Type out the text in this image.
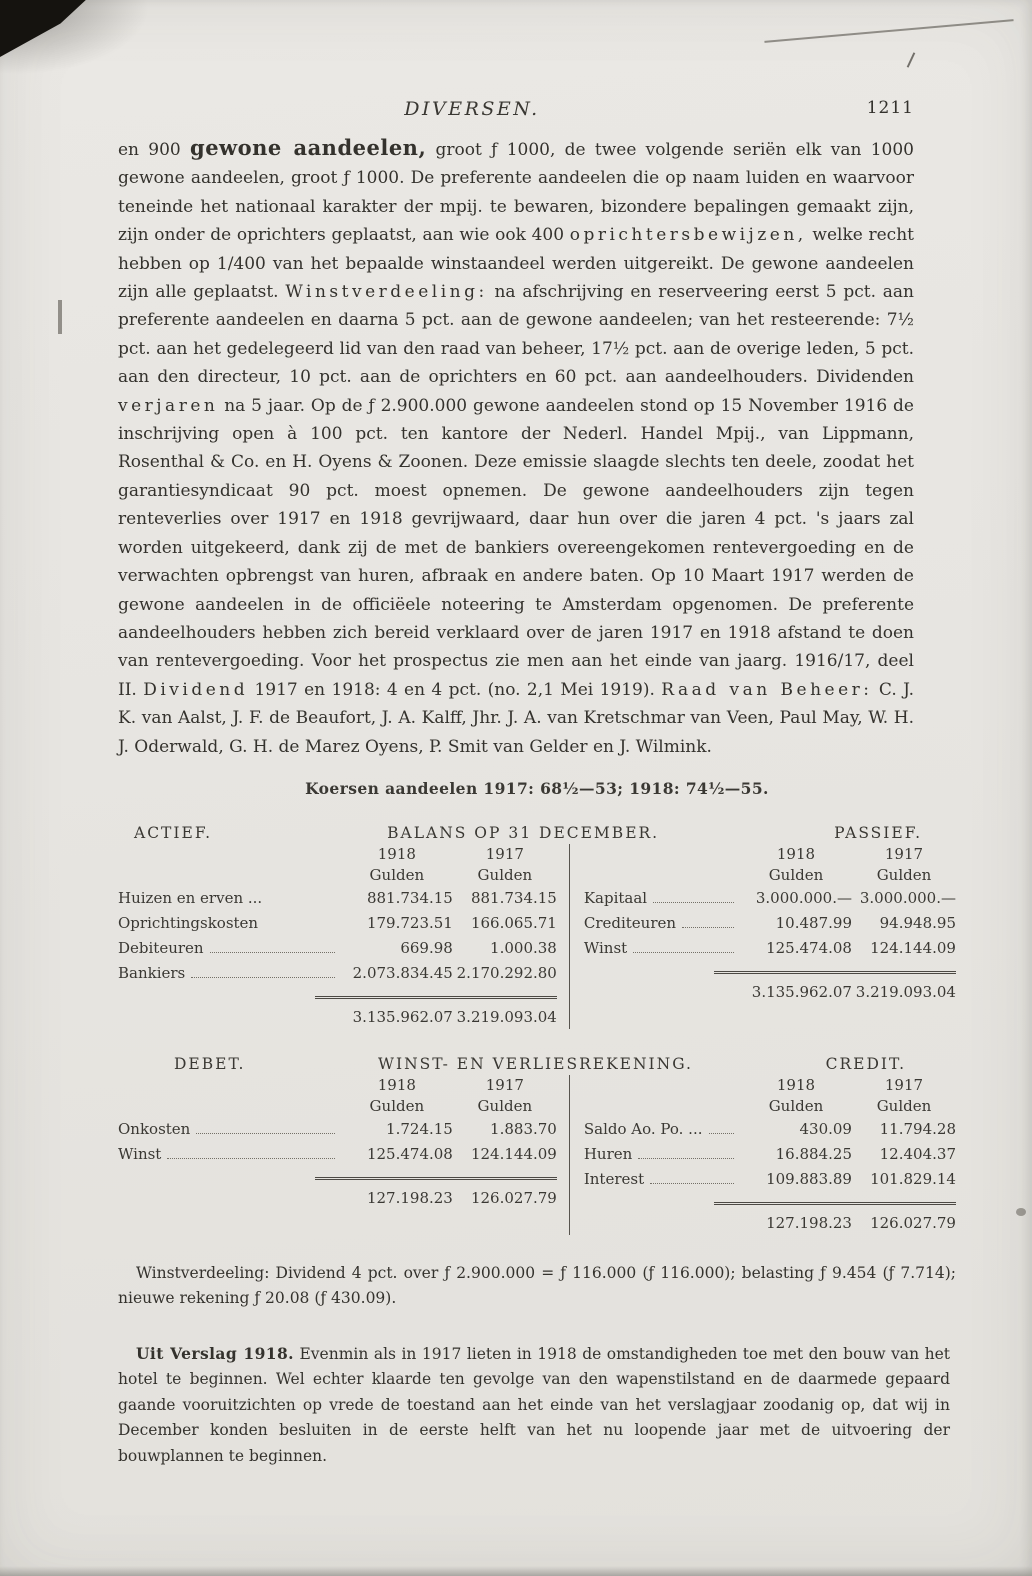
DIVERSEN.	1211

en 900 gewone aandeelen, groot ƒ 1000, de twee volgende seriën elk van 1000 gewone aandeelen, groot ƒ 1000. De preferente aandeelen die op naam luiden en waarvoor teneinde het nationaal karakter der mpij. te bewaren, bizondere bepalingen gemaakt zijn, zijn onder de oprichters geplaatst, aan wie ook 400 oprichtersbewijzen, welke recht hebben op 1/400 van het bepaalde winstaandeel werden uitgereikt. De gewone aandeelen zijn alle geplaatst. Winstverdeeling: na afschrijving en reserveering eerst 5 pct. aan preferente aandeelen en daarna 5 pct. aan de gewone aandeelen; van het resteerende: 7½ pct. aan het gedelegeerd lid van den raad van beheer, 17½ pct. aan de overige leden, 5 pct. aan den directeur, 10 pct. aan de oprichters en 60 pct. aan aandeelhouders. Dividenden verjaren na 5 jaar. Op de ƒ 2.900.000 gewone aandeelen stond op 15 November 1916 de inschrijving open à 100 pct. ten kantore der Nederl. Handel Mpij., van Lippmann, Rosenthal & Co. en H. Oyens & Zoonen. Deze emissie slaagde slechts ten deele, zoodat het garantiesyndicaat 90 pct. moest opnemen. De gewone aandeelhouders zijn tegen renteverlies over 1917 en 1918 gevrijwaard, daar hun over die jaren 4 pct. 's jaars zal worden uitgekeerd, dank zij de met de bankiers overeengekomen rentevergoeding en de verwachten opbrengst van huren, afbraak en andere baten. Op 10 Maart 1917 werden de gewone aandeelen in de officiëele noteering te Amsterdam opgenomen. De preferente aandeelhouders hebben zich bereid verklaard over de jaren 1917 en 1918 afstand te doen van rentevergoeding. Voor het prospectus zie men aan het einde van jaarg. 1916/17, deel II. Dividend 1917 en 1918: 4 en 4 pct. (no. 2,1 Mei 1919). Raad van Beheer: C. J. K. van Aalst, J. F. de Beaufort, J. A. Kalff, Jhr. J. A. van Kretschmar van Veen, Paul May, W. H. J. Oderwald, G. H. de Marez Oyens, P. Smit van Gelder en J. Wilmink.

Koersen aandeelen 1917: 68½—53; 1918: 74½—55.
ACTIEF.	BALANS OP 31 DECEMBER.	PASSIEF.
1918	1917
Gulden	Gulden
Huizen en erven ...	881.734.15	881.734.15
Oprichtingskosten	179.723.51	166.065.71
Debiteuren	669.98	1.000.38
Bankiers	2.073.834.45 2.170.292.80
3.135.962.07 3.219.093.04
1918	1917
Gulden	Gulden
Kapitaal	3.000.000.— 3.000.000.—
Crediteuren	10.487.99	94.948.95
Winst	125.474.08	124.144.09
3.135.962.07 3.219.093.04
DEBET.	WINST- EN VERLIESREKENING.	CREDIT.
1918	1917
Gulden	Gulden
Onkosten	1.724.15	1.883.70
Winst	125.474.08	124.144.09
127.198.23	126.027.79
1918	1917
Gulden	Gulden
Saldo Ao. Po. ...	430.09	11.794.28
Huren	16.884.25	12.404.37
Interest	109.883.89	101.829.14
127.198.23	126.027.79

Winstverdeeling: Dividend 4 pct. over ƒ 2.900.000 = ƒ 116.000 (ƒ 116.000); belasting ƒ 9.454 (ƒ 7.714); nieuwe rekening ƒ 20.08 (ƒ 430.09).

Uit Verslag 1918. Evenmin als in 1917 lieten in 1918 de omstandigheden toe met den bouw van het hotel te beginnen. Wel echter klaarde ten gevolge van den wapenstilstand en de daarmede gepaard gaande vooruitzichten op vrede de toestand aan het einde van het verslagjaar zoodanig op, dat wij in December konden besluiten in de eerste helft van het nu loopende jaar met de uitvoering der bouwplannen te beginnen.
